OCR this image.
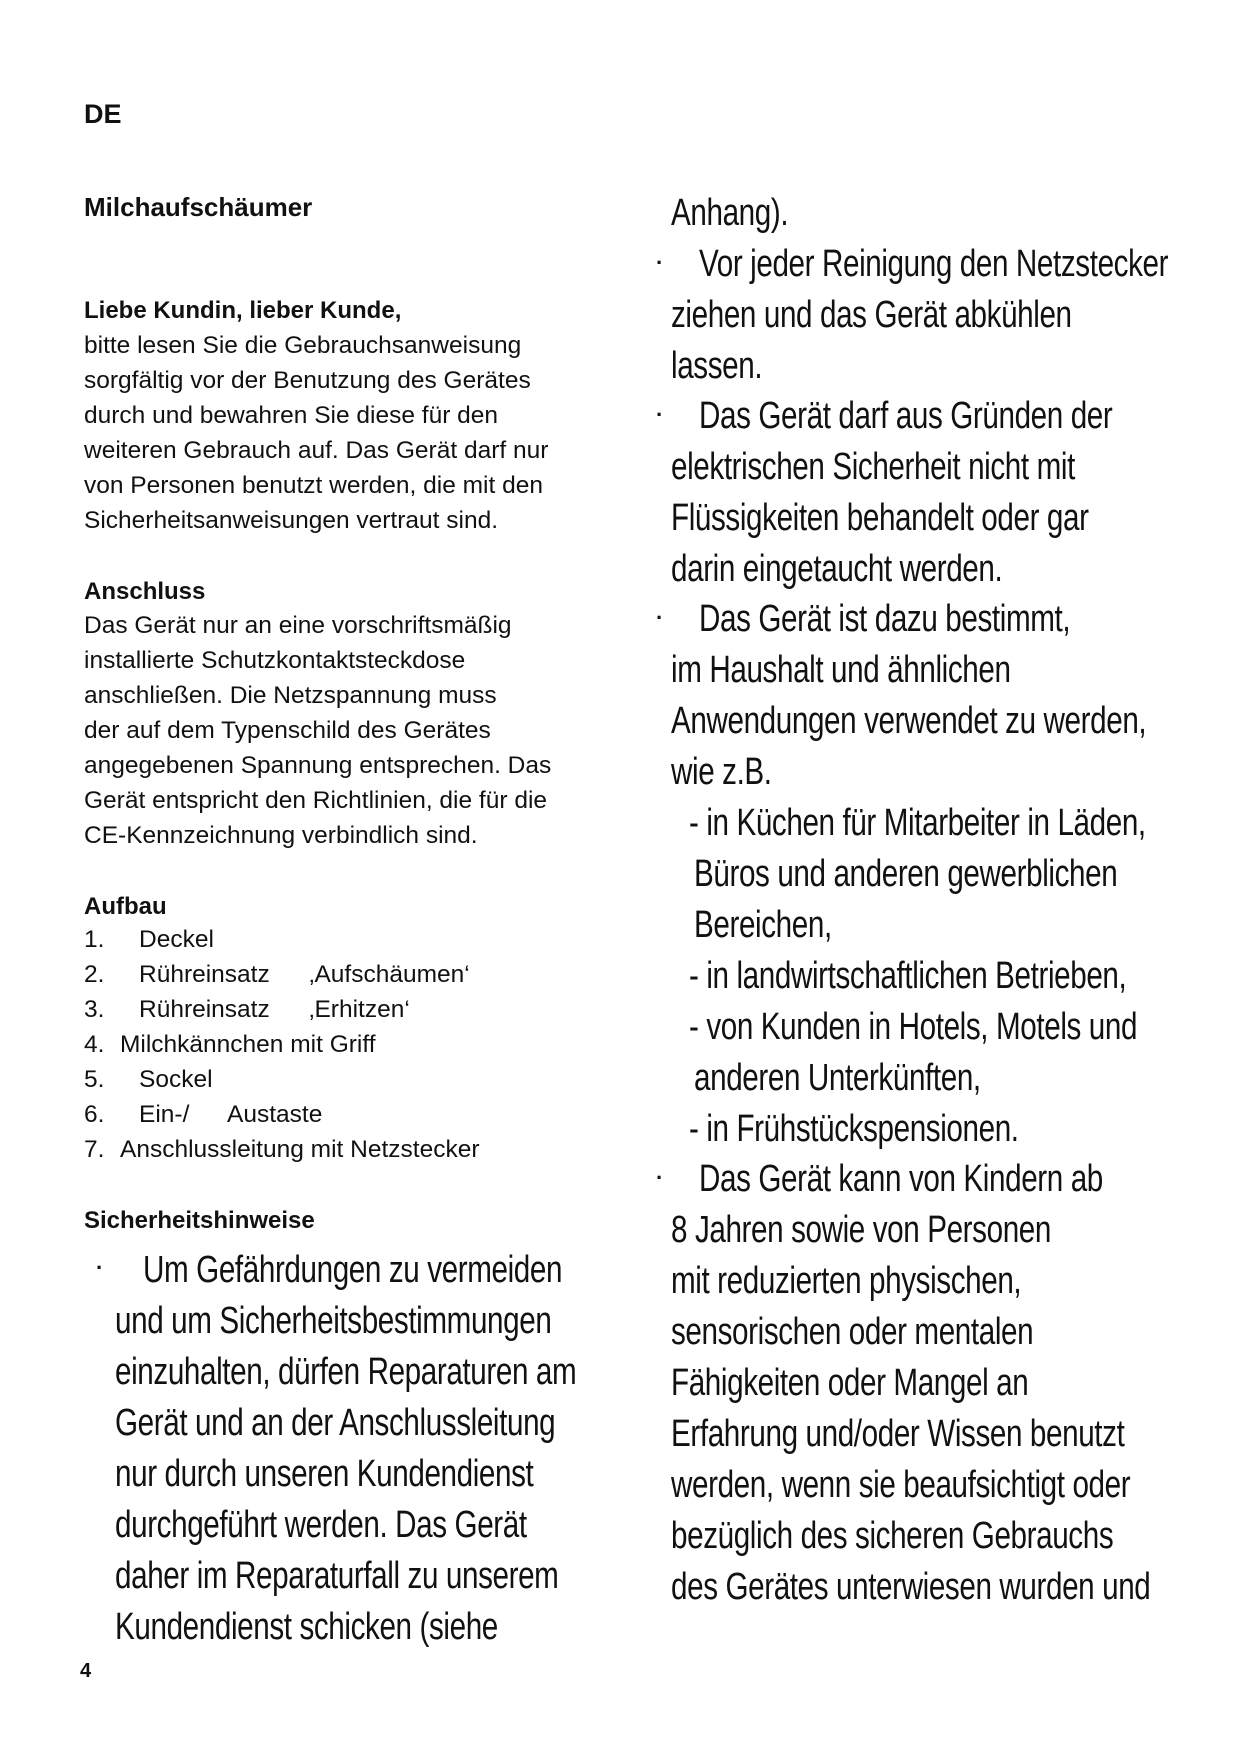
DE
Milchaufschäumer
Liebe Kundin, lieber Kunde,
bitte lesen Sie die Gebrauchsanweisung
sorgfältig vor der Benutzung des Gerätes
durch und bewahren Sie diese für den
weiteren Gebrauch auf. Das Gerät darf nur
von Personen benutzt werden, die mit den
Sicherheitsanweisungen vertraut sind.
Anschluss
Das Gerät nur an eine vorschriftsmäßig
installierte Schutzkontaktsteckdose
anschließen. Die Netzspannung muss
der auf dem Typenschild des Gerätes
angegebenen Spannung entsprechen. Das
Gerät entspricht den Richtlinien, die für die
CE-Kennzeichnung verbindlich sind.
Aufbau
1. Deckel
2. Rühreinsatz ‚Aufschäumen‘
3. Rühreinsatz ‚Erhitzen‘
4. Milchkännchen mit Griff
5. Sockel
6. Ein-/ Austaste
7. Anschlussleitung mit Netzstecker
Sicherheitshinweise
· Um Gefährdungen zu vermeiden
und um Sicherheitsbestimmungen
einzuhalten, dürfen Reparaturen am
Gerät und an der Anschlussleitung
nur durch unseren Kundendienst
durchgeführt werden. Das Gerät
daher im Reparaturfall zu unserem
Kundendienst schicken (siehe
Anhang).
· Vor jeder Reinigung den Netzstecker
ziehen und das Gerät abkühlen
lassen.
· Das Gerät darf aus Gründen der
elektrischen Sicherheit nicht mit
Flüssigkeiten behandelt oder gar
darin eingetaucht werden.
· Das Gerät ist dazu bestimmt,
im Haushalt und ähnlichen
Anwendungen verwendet zu werden,
wie z.B.
- in Küchen für Mitarbeiter in Läden,
Büros und anderen gewerblichen
Bereichen,
- in landwirtschaftlichen Betrieben,
- von Kunden in Hotels, Motels und
anderen Unterkünften,
- in Frühstückspensionen.
· Das Gerät kann von Kindern ab
8 Jahren sowie von Personen
mit reduzierten physischen,
sensorischen oder mentalen
Fähigkeiten oder Mangel an
Erfahrung und/oder Wissen benutzt
werden, wenn sie beaufsichtigt oder
bezüglich des sicheren Gebrauchs
des Gerätes unterwiesen wurden und
4
